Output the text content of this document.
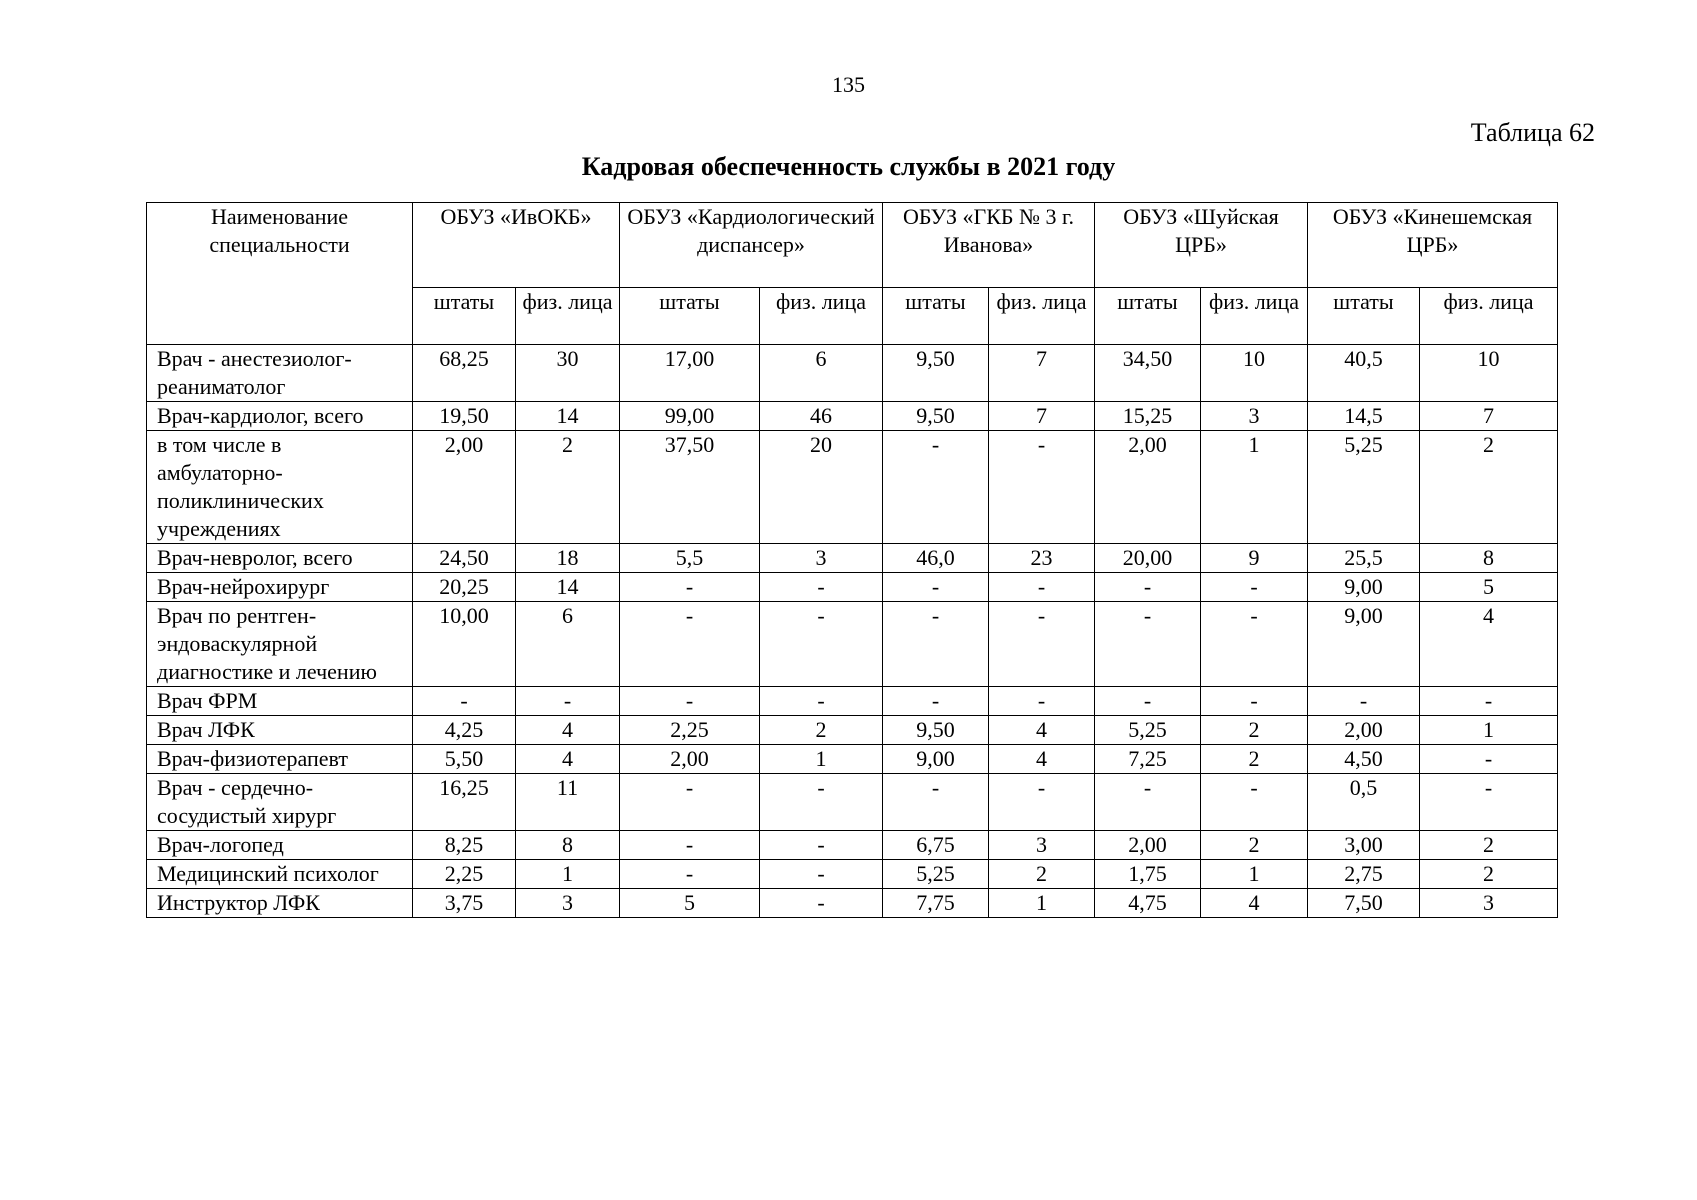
135
Таблица 62
Кадровая обеспеченность службы в 2021 году
Наименование специальности	ОБУЗ «ИвОКБ»		ОБУЗ «Кардиологический диспансер»		ОБУЗ «ГКБ № 3 г. Иванова»		ОБУЗ «Шуйская ЦРБ»		ОБУЗ «Кинешемская ЦРБ»	
	штаты	физ. лица	штаты	физ. лица	штаты	физ. лица	штаты	физ. лица	штаты	физ. лица
Врач - анестезиолог-реаниматолог	68,25	30	17,00	6	9,50	7	34,50	10	40,5	10
Врач-кардиолог, всего	19,50	14	99,00	46	9,50	7	15,25	3	14,5	7
в том числе в амбулаторно-поликлинических учреждениях	2,00	2	37,50	20	-	-	2,00	1	5,25	2
Врач-невролог, всего	24,50	18	5,5	3	46,0	23	20,00	9	25,5	8
Врач-нейрохирург	20,25	14	-	-	-	-	-	-	9,00	5
Врач по рентген-эндоваскулярной диагностике и лечению	10,00	6	-	-	-	-	-	-	9,00	4
Врач ФРМ	-	-	-	-	-	-	-	-	-	-
Врач ЛФК	4,25	4	2,25	2	9,50	4	5,25	2	2,00	1
Врач-физиотерапевт	5,50	4	2,00	1	9,00	4	7,25	2	4,50	-
Врач - сердечно-сосудистый хирург	16,25	11	-	-	-	-	-	-	0,5	-
Врач-логопед	8,25	8	-	-	6,75	3	2,00	2	3,00	2
Медицинский психолог	2,25	1	-	-	5,25	2	1,75	1	2,75	2
Инструктор ЛФК	3,75	3	5	-	7,75	1	4,75	4	7,50	3
